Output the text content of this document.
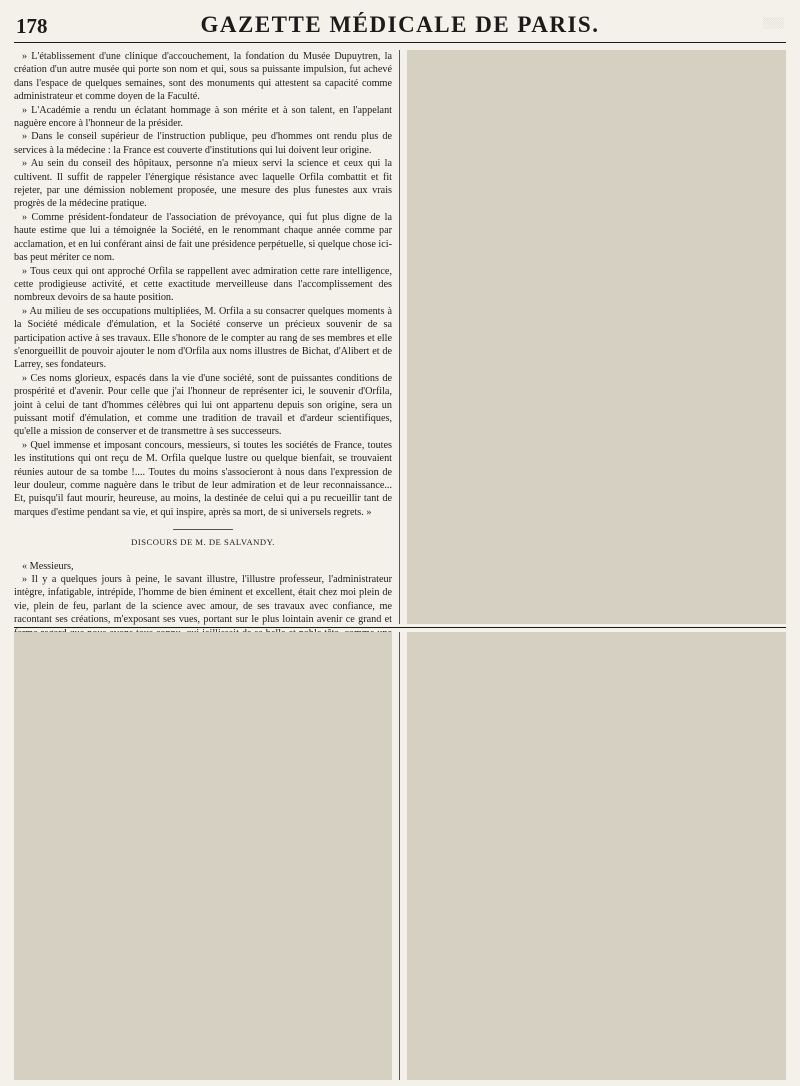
178	GAZETTE MÉDICALE DE PARIS.	░░░

» L'établissement d'une clinique d'accouchement, la fondation du Musée Dupuytren, la création d'un autre musée qui porte son nom et qui, sous sa puissante impulsion, fut achevé dans l'espace de quelques semaines, sont des monuments qui attestent sa capacité comme administrateur et comme doyen de la Faculté.

» L'Académie a rendu un éclatant hommage à son mérite et à son talent, en l'appelant naguère encore à l'honneur de la présider.

» Dans le conseil supérieur de l'instruction publique, peu d'hommes ont rendu plus de services à la médecine : la France est couverte d'institutions qui lui doivent leur origine.

» Au sein du conseil des hôpitaux, personne n'a mieux servi la science et ceux qui la cultivent. Il suffit de rappeler l'énergique résistance avec laquelle Orfila combattit et fit rejeter, par une démission noblement proposée, une mesure des plus funestes aux vrais progrès de la médecine pratique.

» Comme président-fondateur de l'association de prévoyance, qui fut plus digne de la haute estime que lui a témoignée la Société, en le renommant chaque année comme par acclamation, et en lui conférant ainsi de fait une présidence perpétuelle, si quelque chose ici-bas peut mériter ce nom.

» Tous ceux qui ont approché Orfila se rappellent avec admiration cette rare intelligence, cette prodigieuse activité, et cette exactitude merveilleuse dans l'accomplissement des nombreux devoirs de sa haute position.

» Au milieu de ses occupations multipliées, M. Orfila a su consacrer quelques moments à la Société médicale d'émulation, et la Société conserve un précieux souvenir de sa participation active à ses travaux. Elle s'honore de le compter au rang de ses membres et elle s'enorgueillit de pouvoir ajouter le nom d'Orfila aux noms illustres de Bichat, d'Alibert et de Larrey, ses fondateurs.

» Ces noms glorieux, espacés dans la vie d'une société, sont de puissantes conditions de prospérité et d'avenir. Pour celle que j'ai l'honneur de représenter ici, le souvenir d'Orfila, joint à celui de tant d'hommes célèbres qui lui ont appartenu depuis son origine, sera un puissant motif d'émulation, et comme une tradition de travail et d'ardeur scientifiques, qu'elle a mission de conserver et de transmettre à ses successeurs.

» Quel immense et imposant concours, messieurs, si toutes les sociétés de France, toutes les institutions qui ont reçu de M. Orfila quelque lustre ou quelque bienfait, se trouvaient réunies autour de sa tombe !.... Toutes du moins s'associeront à nous dans l'expression de leur douleur, comme naguère dans le tribut de leur admiration et de leur reconnaissance... Et, puisqu'il faut mourir, heureuse, au moins, la destinée de celui qui a pu recueillir tant de marques d'estime pendant sa vie, et qui inspire, après sa mort, de si universels regrets. »

DISCOURS DE M. DE SALVANDY.

« Messieurs,

» Il y a quelques jours à peine, le savant illustre, l'illustre professeur, l'administrateur intègre, infatigable, intrépide, l'homme de bien éminent et excellent, était chez moi plein de vie, plein de feu, parlant de la science avec amour, de ses travaux avec confiance, me racontant ses créations, m'exposant ses vues, portant sur le plus lointain avenir ce grand et
